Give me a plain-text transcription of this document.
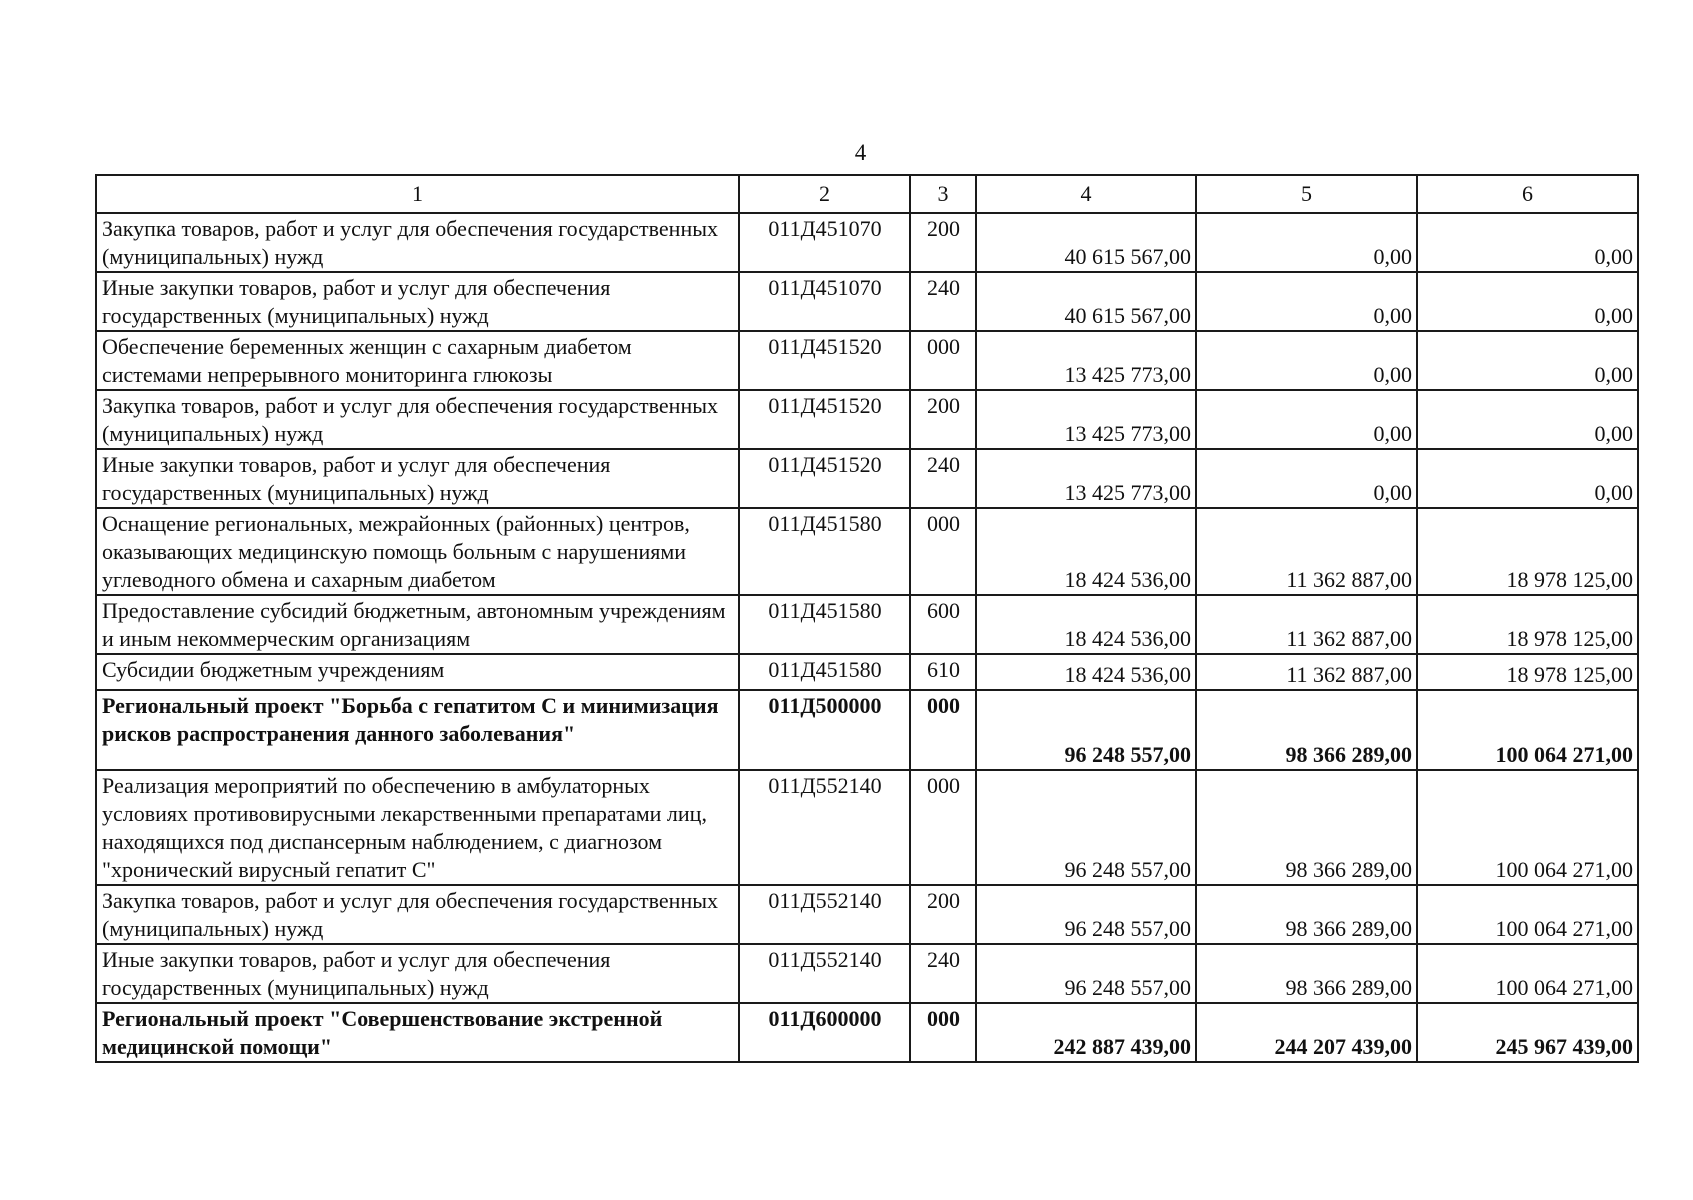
4
1	2	3	4	5	6
Закупка товаров, работ и услуг для обеспечения государственных (муниципальных) нужд	011Д451070	200	40 615 567,00	0,00	0,00
Иные закупки товаров, работ и услуг для обеспечения государственных (муниципальных) нужд	011Д451070	240	40 615 567,00	0,00	0,00
Обеспечение беременных женщин с сахарным диабетом системами непрерывного мониторинга глюкозы	011Д451520	000	13 425 773,00	0,00	0,00
Закупка товаров, работ и услуг для обеспечения государственных (муниципальных) нужд	011Д451520	200	13 425 773,00	0,00	0,00
Иные закупки товаров, работ и услуг для обеспечения государственных (муниципальных) нужд	011Д451520	240	13 425 773,00	0,00	0,00
Оснащение региональных, межрайонных (районных) центров, оказывающих медицинскую помощь больным с нарушениями углеводного обмена и сахарным диабетом	011Д451580	000	18 424 536,00	11 362 887,00	18 978 125,00
Предоставление субсидий бюджетным, автономным учреждениям и иным некоммерческим организациям	011Д451580	600	18 424 536,00	11 362 887,00	18 978 125,00
Субсидии бюджетным учреждениям	011Д451580	610	18 424 536,00	11 362 887,00	18 978 125,00
Региональный проект "Борьба с гепатитом С и минимизация рисков распространения данного заболевания"	011Д500000	000	96 248 557,00	98 366 289,00	100 064 271,00
Реализация мероприятий по обеспечению в амбулаторных условиях противовирусными лекарственными препаратами лиц, находящихся под диспансерным наблюдением, с диагнозом "хронический вирусный гепатит С"	011Д552140	000	96 248 557,00	98 366 289,00	100 064 271,00
Закупка товаров, работ и услуг для обеспечения государственных (муниципальных) нужд	011Д552140	200	96 248 557,00	98 366 289,00	100 064 271,00
Иные закупки товаров, работ и услуг для обеспечения государственных (муниципальных) нужд	011Д552140	240	96 248 557,00	98 366 289,00	100 064 271,00
Региональный проект "Совершенствование экстренной медицинской помощи"	011Д600000	000	242 887 439,00	244 207 439,00	245 967 439,00
